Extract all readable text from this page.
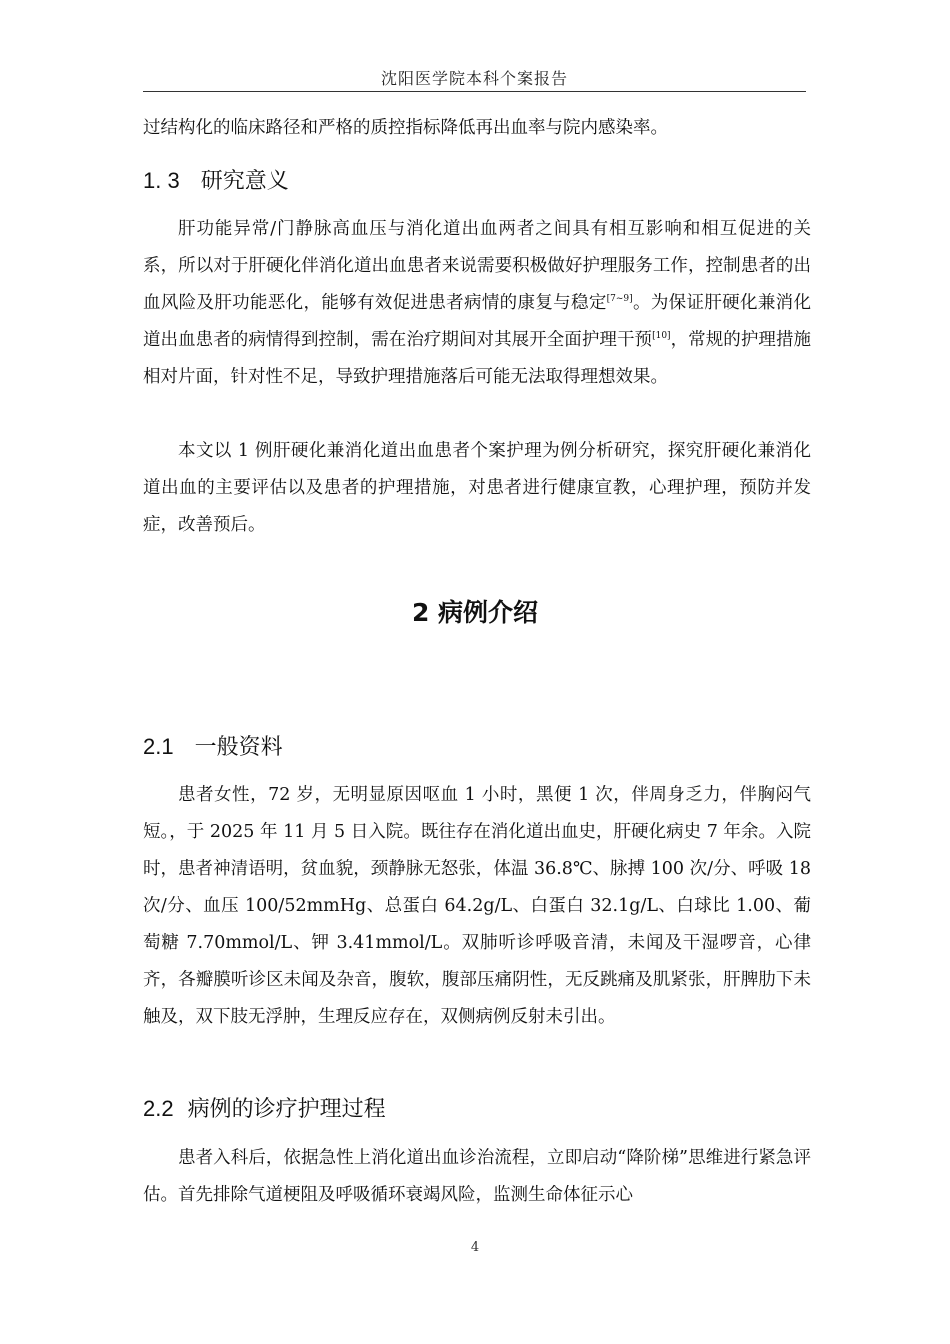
沈阳医学院本科个案报告

过结构化的临床路径和严格的质控指标降低再出血率与院内感染率。

1. 3 研究意义

肝功能异常/门静脉高血压与消化道出血两者之间具有相互影响和相互促进的关系，所以对于肝硬化伴消化道出血患者来说需要积极做好护理服务工作，控制患者的出血风险及肝功能恶化，能够有效促进患者病情的康复与稳定[7~9]。为保证肝硬化兼消化道出血患者的病情得到控制，需在治疗期间对其展开全面护理干预[10]，常规的护理措施相对片面，针对性不足，导致护理措施落后可能无法取得理想效果。

本文以 1 例肝硬化兼消化道出血患者个案护理为例分析研究，探究肝硬化兼消化道出血的主要评估以及患者的护理措施，对患者进行健康宣教，心理护理，预防并发症，改善预后。

2 病例介绍
2.1 一般资料

患者女性，72 岁，无明显原因呕血 1 小时，黑便 1 次，伴周身乏力，伴胸闷气短。，于 2025 年 11 月 5 日入院。既往存在消化道出血史，肝硬化病史 7 年余。入院时，患者神清语明，贫血貌，颈静脉无怒张，体温 36.8℃、脉搏 100 次/分、呼吸 18 次/分、血压 100/52mmHg、总蛋白 64.2g/L、白蛋白 32.1g/L、白球比 1.00、葡萄糖 7.70mmol/L、钾 3.41mmol/L。双肺听诊呼吸音清，未闻及干湿啰音，心律齐，各瓣膜听诊区未闻及杂音，腹软，腹部压痛阴性，无反跳痛及肌紧张，肝脾肋下未触及，双下肢无浮肿，生理反应存在，双侧病例反射未引出。

2.2 病例的诊疗护理过程

患者入科后，依据急性上消化道出血诊治流程，立即启动“降阶梯”思维进行紧急评估。首先排除气道梗阻及呼吸循环衰竭风险，监测生命体征示心

4
